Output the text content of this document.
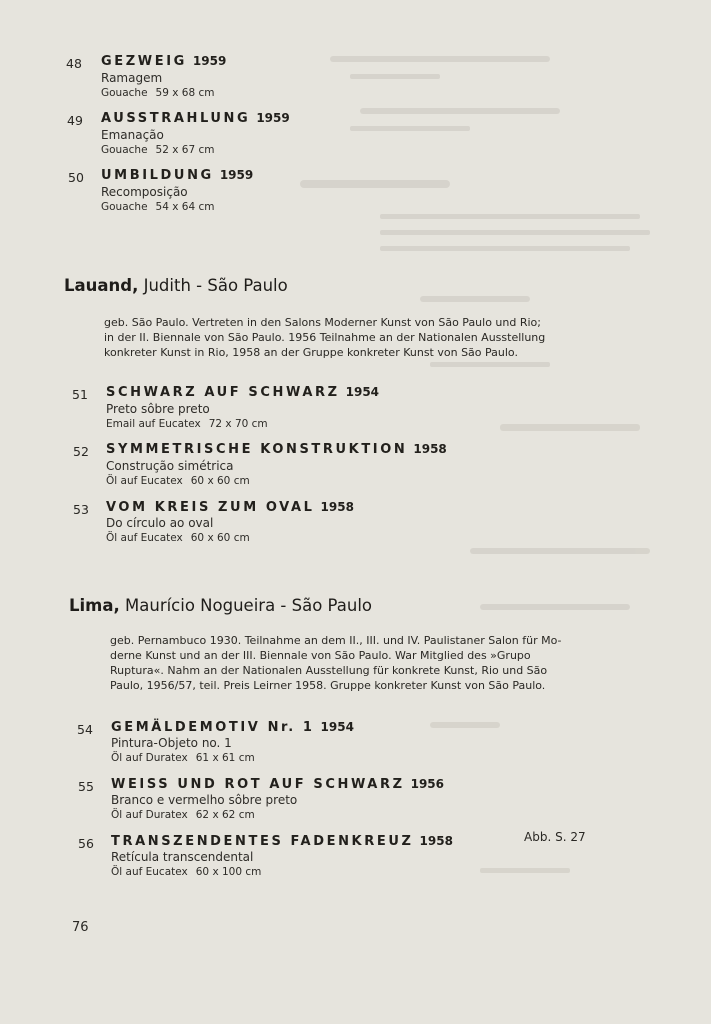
48 GEZWEIG 1959
Ramagem
Gouache 59 x 68 cm
49 AUSSTRAHLUNG 1959
Emanação
Gouache 52 x 67 cm
50 UMBILDUNG 1959
Recomposição
Gouache 54 x 64 cm
Lauand, Judith - São Paulo
geb. São Paulo. Vertreten in den Salons Moderner Kunst von São Paulo und Rio;
in der II. Biennale von São Paulo. 1956 Teilnahme an der Nationalen Ausstellung
konkreter Kunst in Rio, 1958 an der Gruppe konkreter Kunst von São Paulo.
51 SCHWARZ AUF SCHWARZ 1954
Preto sôbre preto
Email auf Eucatex 72 x 70 cm
52 SYMMETRISCHE KONSTRUKTION 1958
Construção simétrica
Öl auf Eucatex 60 x 60 cm
53 VOM KREIS ZUM OVAL 1958
Do círculo ao oval
Öl auf Eucatex 60 x 60 cm
Lima, Maurício Nogueira - São Paulo
geb. Pernambuco 1930. Teilnahme an dem II., III. und IV. Paulistaner Salon für Mo-
derne Kunst und an der III. Biennale von São Paulo. War Mitglied des »Grupo
Ruptura«. Nahm an der Nationalen Ausstellung für konkrete Kunst, Rio und São
Paulo, 1956/57, teil. Preis Leirner 1958. Gruppe konkreter Kunst von São Paulo.
54 GEMÄLDEMOTIV Nr. 1 1954
Pintura-Objeto no. 1
Öl auf Duratex 61 x 61 cm
55 WEISS UND ROT AUF SCHWARZ 1956
Branco e vermelho sôbre preto
Öl auf Duratex 62 x 62 cm
56 TRANSZENDENTES FADENKREUZ 1958
Retícula transcendental
Öl auf Eucatex 60 x 100 cm
Abb. S. 27
76
